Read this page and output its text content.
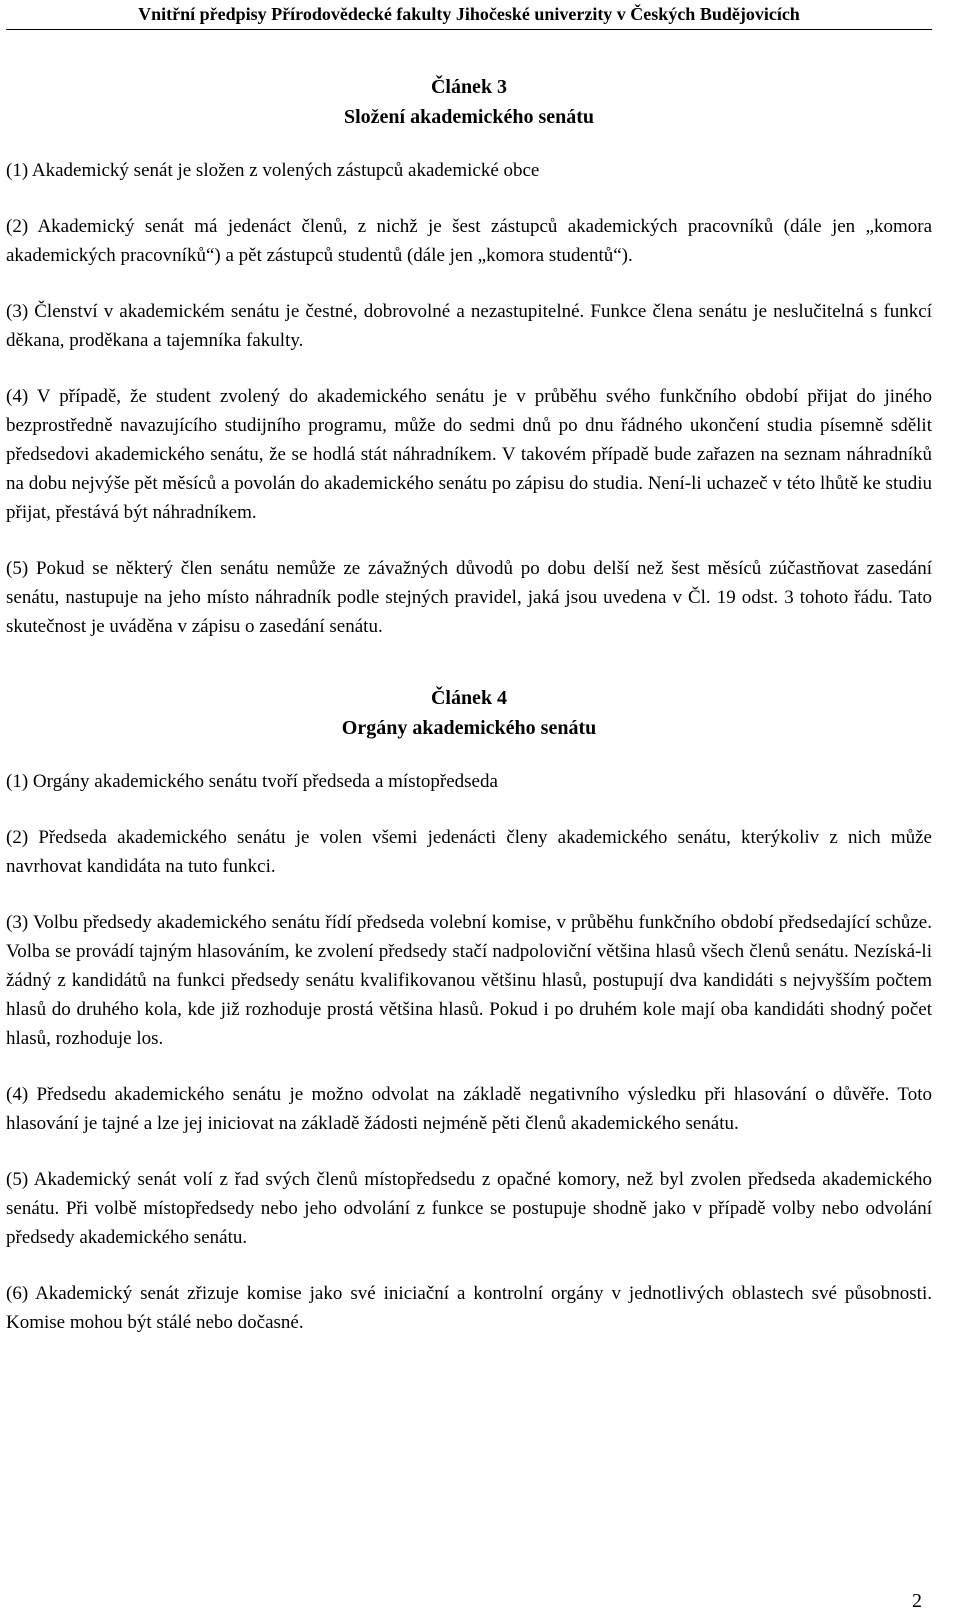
Vnitřní předpisy Přírodovědecké fakulty Jihočeské univerzity v Českých Budějovicích

Článek 3

Složení akademického senátu

(1) Akademický senát je složen z volených zástupců akademické obce

(2) Akademický senát má jedenáct členů, z nichž je šest zástupců akademických pracovníků (dále jen „komora akademických pracovníků“) a pět zástupců studentů (dále jen „komora studentů“).

(3) Členství v akademickém senátu je čestné, dobrovolné a nezastupitelné. Funkce člena senátu je neslučitelná s funkcí děkana, proděkana a tajemníka fakulty.

(4) V případě, že student zvolený do akademického senátu je v průběhu svého funkčního období přijat do jiného bezprostředně navazujícího studijního programu, může do sedmi dnů po dnu řádného ukončení studia písemně sdělit předsedovi akademického senátu, že se hodlá stát náhradníkem. V takovém případě bude zařazen na seznam náhradníků na dobu nejvýše pět měsíců a povolán do akademického senátu po zápisu do studia. Není-li uchazeč v této lhůtě ke studiu přijat, přestává být náhradníkem.

(5) Pokud se některý člen senátu nemůže ze závažných důvodů po dobu delší než šest měsíců zúčastňovat zasedání senátu, nastupuje na jeho místo náhradník podle stejných pravidel, jaká jsou uvedena v Čl. 19 odst. 3 tohoto řádu. Tato skutečnost je uváděna v zápisu o zasedání senátu.

Článek 4

Orgány akademického senátu

(1) Orgány akademického senátu tvoří předseda a místopředseda

(2) Předseda akademického senátu je volen všemi jedenácti členy akademického senátu, kterýkoliv z nich může navrhovat kandidáta na tuto funkci.

(3) Volbu předsedy akademického senátu řídí předseda volební komise, v průběhu funkčního období předsedající schůze. Volba se provádí tajným hlasováním, ke zvolení předsedy stačí nadpoloviční většina hlasů všech členů senátu. Nezíská-li žádný z kandidátů na funkci předsedy senátu kvalifikovanou většinu hlasů, postupují dva kandidáti s nejvyšším počtem hlasů do druhého kola, kde již rozhoduje prostá většina hlasů. Pokud i po druhém kole mají oba kandidáti shodný počet hlasů, rozhoduje los.

(4) Předsedu akademického senátu je možno odvolat na základě negativního výsledku při hlasování o důvěře. Toto hlasování je tajné a lze jej iniciovat na základě žádosti nejméně pěti členů akademického senátu.

(5) Akademický senát volí z řad svých členů místopředsedu z opačné komory, než byl zvolen předseda akademického senátu. Při volbě místopředsedy nebo jeho odvolání z funkce se postupuje shodně jako v případě volby nebo odvolání předsedy akademického senátu.

(6) Akademický senát zřizuje komise jako své iniciační a kontrolní orgány v jednotlivých oblastech své působnosti. Komise mohou být stálé nebo dočasné.

2
